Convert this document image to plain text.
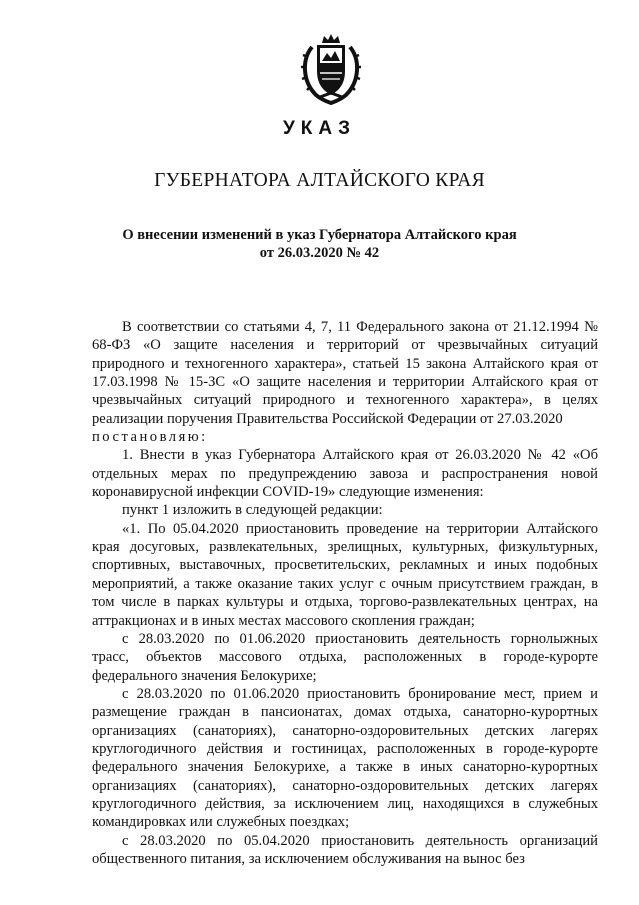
УКАЗ
ГУБЕРНАТОРА АЛТАЙСКОГО КРАЯ
О внесении изменений в указ Губернатора Алтайского края
от 26.03.2020 № 42

В соответствии со статьями 4, 7, 11 Федерального закона от 21.12.1994 № 68-ФЗ «О защите населения и территорий от чрезвычайных ситуаций природного и техногенного характера», статьей 15 закона Алтайского края от 17.03.1998 № 15-ЗС «О защите населения и территории Алтайского края от чрезвычайных ситуаций природного и техногенного характера», в целях реализации поручения Правительства Российской Федерации от 27.03.2020

постановляю:

1. Внести в указ Губернатора Алтайского края от 26.03.2020 № 42 «Об отдельных мерах по предупреждению завоза и распространения новой коронавирусной инфекции COVID-19» следующие изменения:

пункт 1 изложить в следующей редакции:

«1. По 05.04.2020 приостановить проведение на территории Алтайского края досуговых, развлекательных, зрелищных, культурных, физкультурных, спортивных, выставочных, просветительских, рекламных и иных подобных мероприятий, а также оказание таких услуг с очным присутствием граждан, в том числе в парках культуры и отдыха, торгово-развлекательных центрах, на аттракционах и в иных местах массового скопления граждан;

с 28.03.2020 по 01.06.2020 приостановить деятельность горнолыжных трасс, объектов массового отдыха, расположенных в городе-курорте федерального значения Белокурихе;

с 28.03.2020 по 01.06.2020 приостановить бронирование мест, прием и размещение граждан в пансионатах, домах отдыха, санаторно-курортных организациях (санаториях), санаторно-оздоровительных детских лагерях круглогодичного действия и гостиницах, расположенных в городе-курорте федерального значения Белокурихе, а также в иных санаторно-курортных организациях (санаториях), санаторно-оздоровительных детских лагерях круглогодичного действия, за исключением лиц, находящихся в служебных командировках или служебных поездках;

с 28.03.2020 по 05.04.2020 приостановить деятельность организаций общественного питания, за исключением обслуживания на вынос без
